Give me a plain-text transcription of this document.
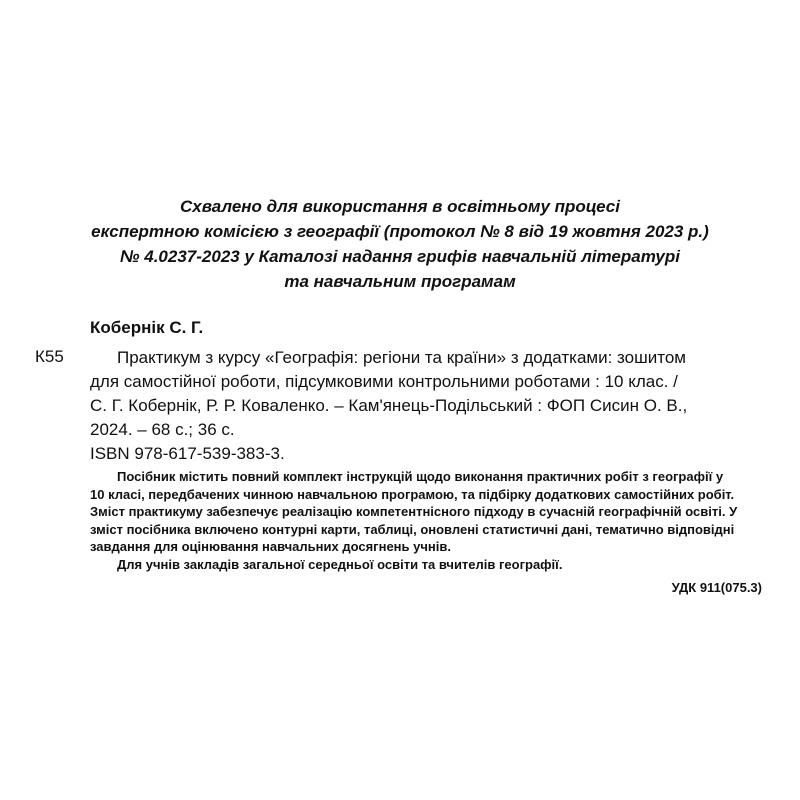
Схвалено для використання в освітньому процесі
експертною комісією з географії (протокол № 8 від 19 жовтня 2023 р.)
№ 4.0237-2023 у Каталозі надання грифів навчальній літературі
та навчальним програмам
Кобернік С. Г.
К55	Практикум з курсу «Географія: регіони та країни» з додатками: зошитом
для самостійної роботи, підсумковими контрольними роботами : 10 клас. /
С. Г. Кобернік, Р. Р. Коваленко. – Кам'янець-Подільський : ФОП Сисин О. В.,
2024. – 68 с.; 36 с.
ISBN 978-617-539-383-3.
Посібник містить повний комплект інструкцій щодо виконання практичних робіт з географії у
10 класі, передбачених чинною навчальною програмою, та підбірку додаткових самостійних робіт.
Зміст практикуму забезпечує реалізацію компетентнісного підходу в сучасній географічній освіті. У
зміст посібника включено контурні карти, таблиці, оновлені статистичні дані, тематично відповідні
завдання для оцінювання навчальних досягнень учнів.
Для учнів закладів загальної середньої освіти та вчителів географії.
УДК 911(075.3)
